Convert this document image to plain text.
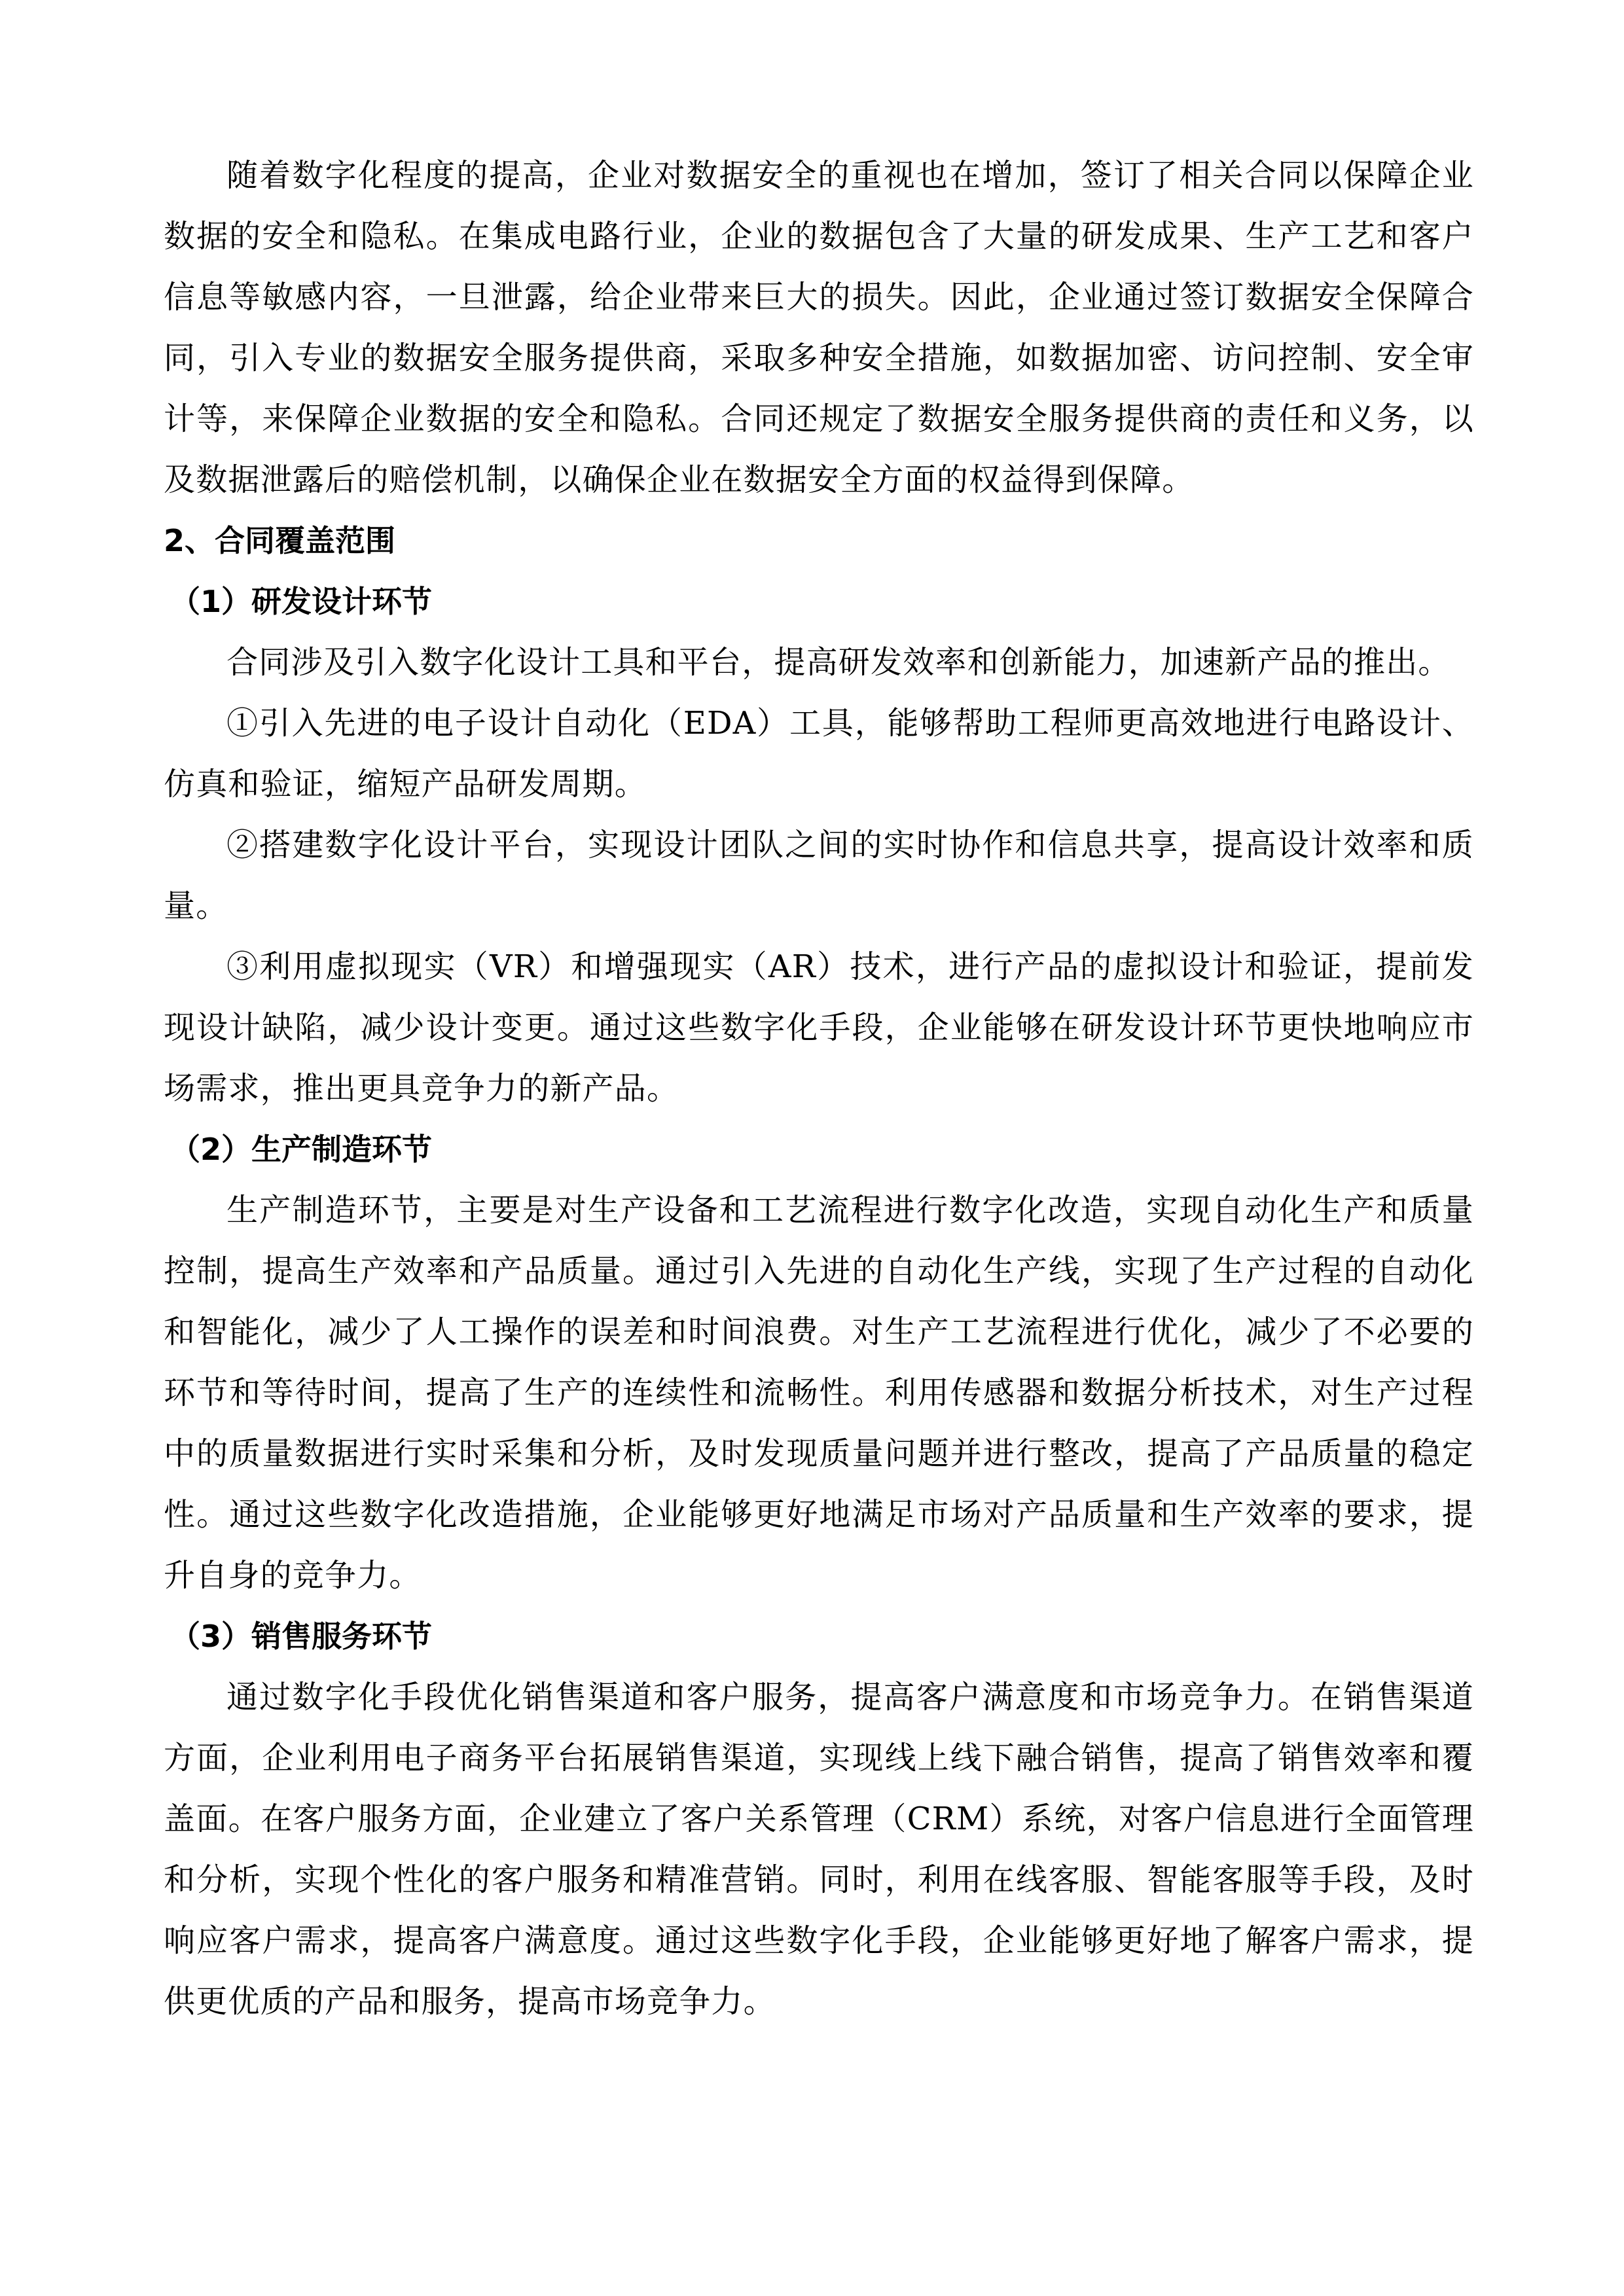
随着数字化程度的提高，企业对数据安全的重视也在增加，签订了相关合同以保障企业数据的安全和隐私。在集成电路行业，企业的数据包含了大量的研发成果、生产工艺和客户信息等敏感内容，一旦泄露，给企业带来巨大的损失。因此，企业通过签订数据安全保障合同，引入专业的数据安全服务提供商，采取多种安全措施，如数据加密、访问控制、安全审计等，来保障企业数据的安全和隐私。合同还规定了数据安全服务提供商的责任和义务，以及数据泄露后的赔偿机制，以确保企业在数据安全方面的权益得到保障。

2、合同覆盖范围
（1）研发设计环节

合同涉及引入数字化设计工具和平台，提高研发效率和创新能力，加速新产品的推出。

①引入先进的电子设计自动化（EDA）工具，能够帮助工程师更高效地进行电路设计、仿真和验证，缩短产品研发周期。

②搭建数字化设计平台，实现设计团队之间的实时协作和信息共享，提高设计效率和质量。

③利用虚拟现实（VR）和增强现实（AR）技术，进行产品的虚拟设计和验证，提前发现设计缺陷，减少设计变更。通过这些数字化手段，企业能够在研发设计环节更快地响应市场需求，推出更具竞争力的新产品。

（2）生产制造环节

生产制造环节，主要是对生产设备和工艺流程进行数字化改造，实现自动化生产和质量控制，提高生产效率和产品质量。通过引入先进的自动化生产线，实现了生产过程的自动化和智能化，减少了人工操作的误差和时间浪费。对生产工艺流程进行优化，减少了不必要的环节和等待时间，提高了生产的连续性和流畅性。利用传感器和数据分析技术，对生产过程中的质量数据进行实时采集和分析，及时发现质量问题并进行整改，提高了产品质量的稳定性。通过这些数字化改造措施，企业能够更好地满足市场对产品质量和生产效率的要求，提升自身的竞争力。

（3）销售服务环节

通过数字化手段优化销售渠道和客户服务，提高客户满意度和市场竞争力。在销售渠道方面，企业利用电子商务平台拓展销售渠道，实现线上线下融合销售，提高了销售效率和覆盖面。在客户服务方面，企业建立了客户关系管理（CRM）系统，对客户信息进行全面管理和分析，实现个性化的客户服务和精准营销。同时，利用在线客服、智能客服等手段，及时响应客户需求，提高客户满意度。通过这些数字化手段，企业能够更好地了解客户需求，提供更优质的产品和服务，提高市场竞争力。
